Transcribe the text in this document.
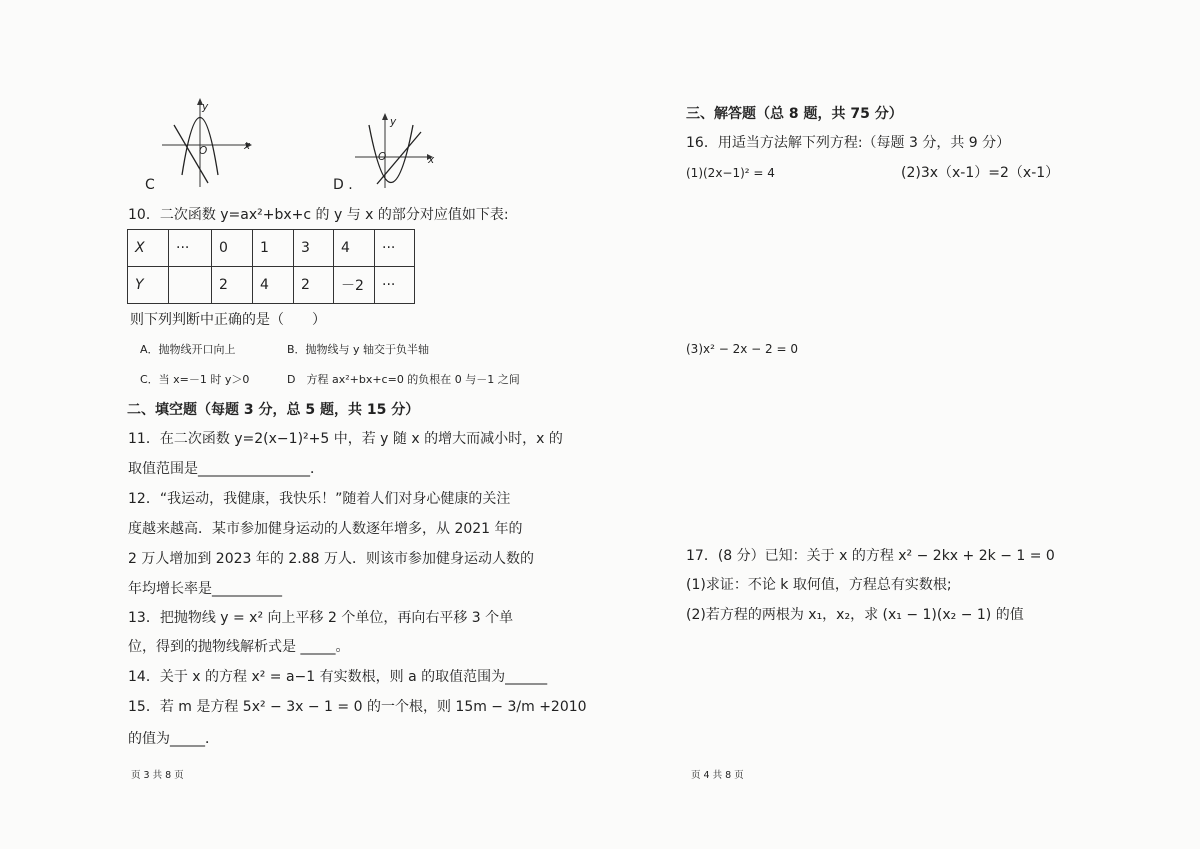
x
y
O
C
x
y
O
D .
10．二次函数 y=ax²+bx+c 的 y 与 x 的部分对应值如下表:
X	···	0	1	3	4	···
Y		2	4	2	－2	···
则下列判断中正确的是（　　）
A．抛物线开口向上	B．抛物线与 y 轴交于负半轴
C．当 x=－1 时 y＞0	D　方程 ax²+bx+c=0 的负根在 0 与－1 之间
二、填空题（每题 3 分，总 5 题，共 15 分）
11．在二次函数 y=2(x−1)²+5 中，若 y 随 x 的增大而减小时，x 的
取值范围是________________．
12．“我运动，我健康，我快乐！”随着人们对身心健康的关注
度越来越高．某市参加健身运动的人数逐年增多，从 2021 年的
2 万人增加到 2023 年的 2.88 万人．则该市参加健身运动人数的
年均增长率是__________
13．把抛物线 y = x² 向上平移 2 个单位，再向右平移 3 个单
位，得到的抛物线解析式是 _____。
14．关于 x 的方程 x² = a−1 有实数根，则 a 的取值范围为______
15．若 m 是方程 5x² − 3x − 1 = 0 的一个根，则 15m − 3/m +2010
的值为_____．
页 3 共 8 页
三、解答题（总 8 题，共 75 分）
16．用适当方法解下列方程:（每题 3 分，共 9 分）
(1)(2x−1)² = 4	(2)3x（x-1）=2（x-1）
(3)x² − 2x − 2 = 0
17．(8 分）已知：关于 x 的方程 x² − 2kx + 2k − 1 = 0
(1)求证：不论 k 取何值，方程总有实数根;
(2)若方程的两根为 x₁，x₂，求 (x₁ − 1)(x₂ − 1) 的值
页 4 共 8 页
